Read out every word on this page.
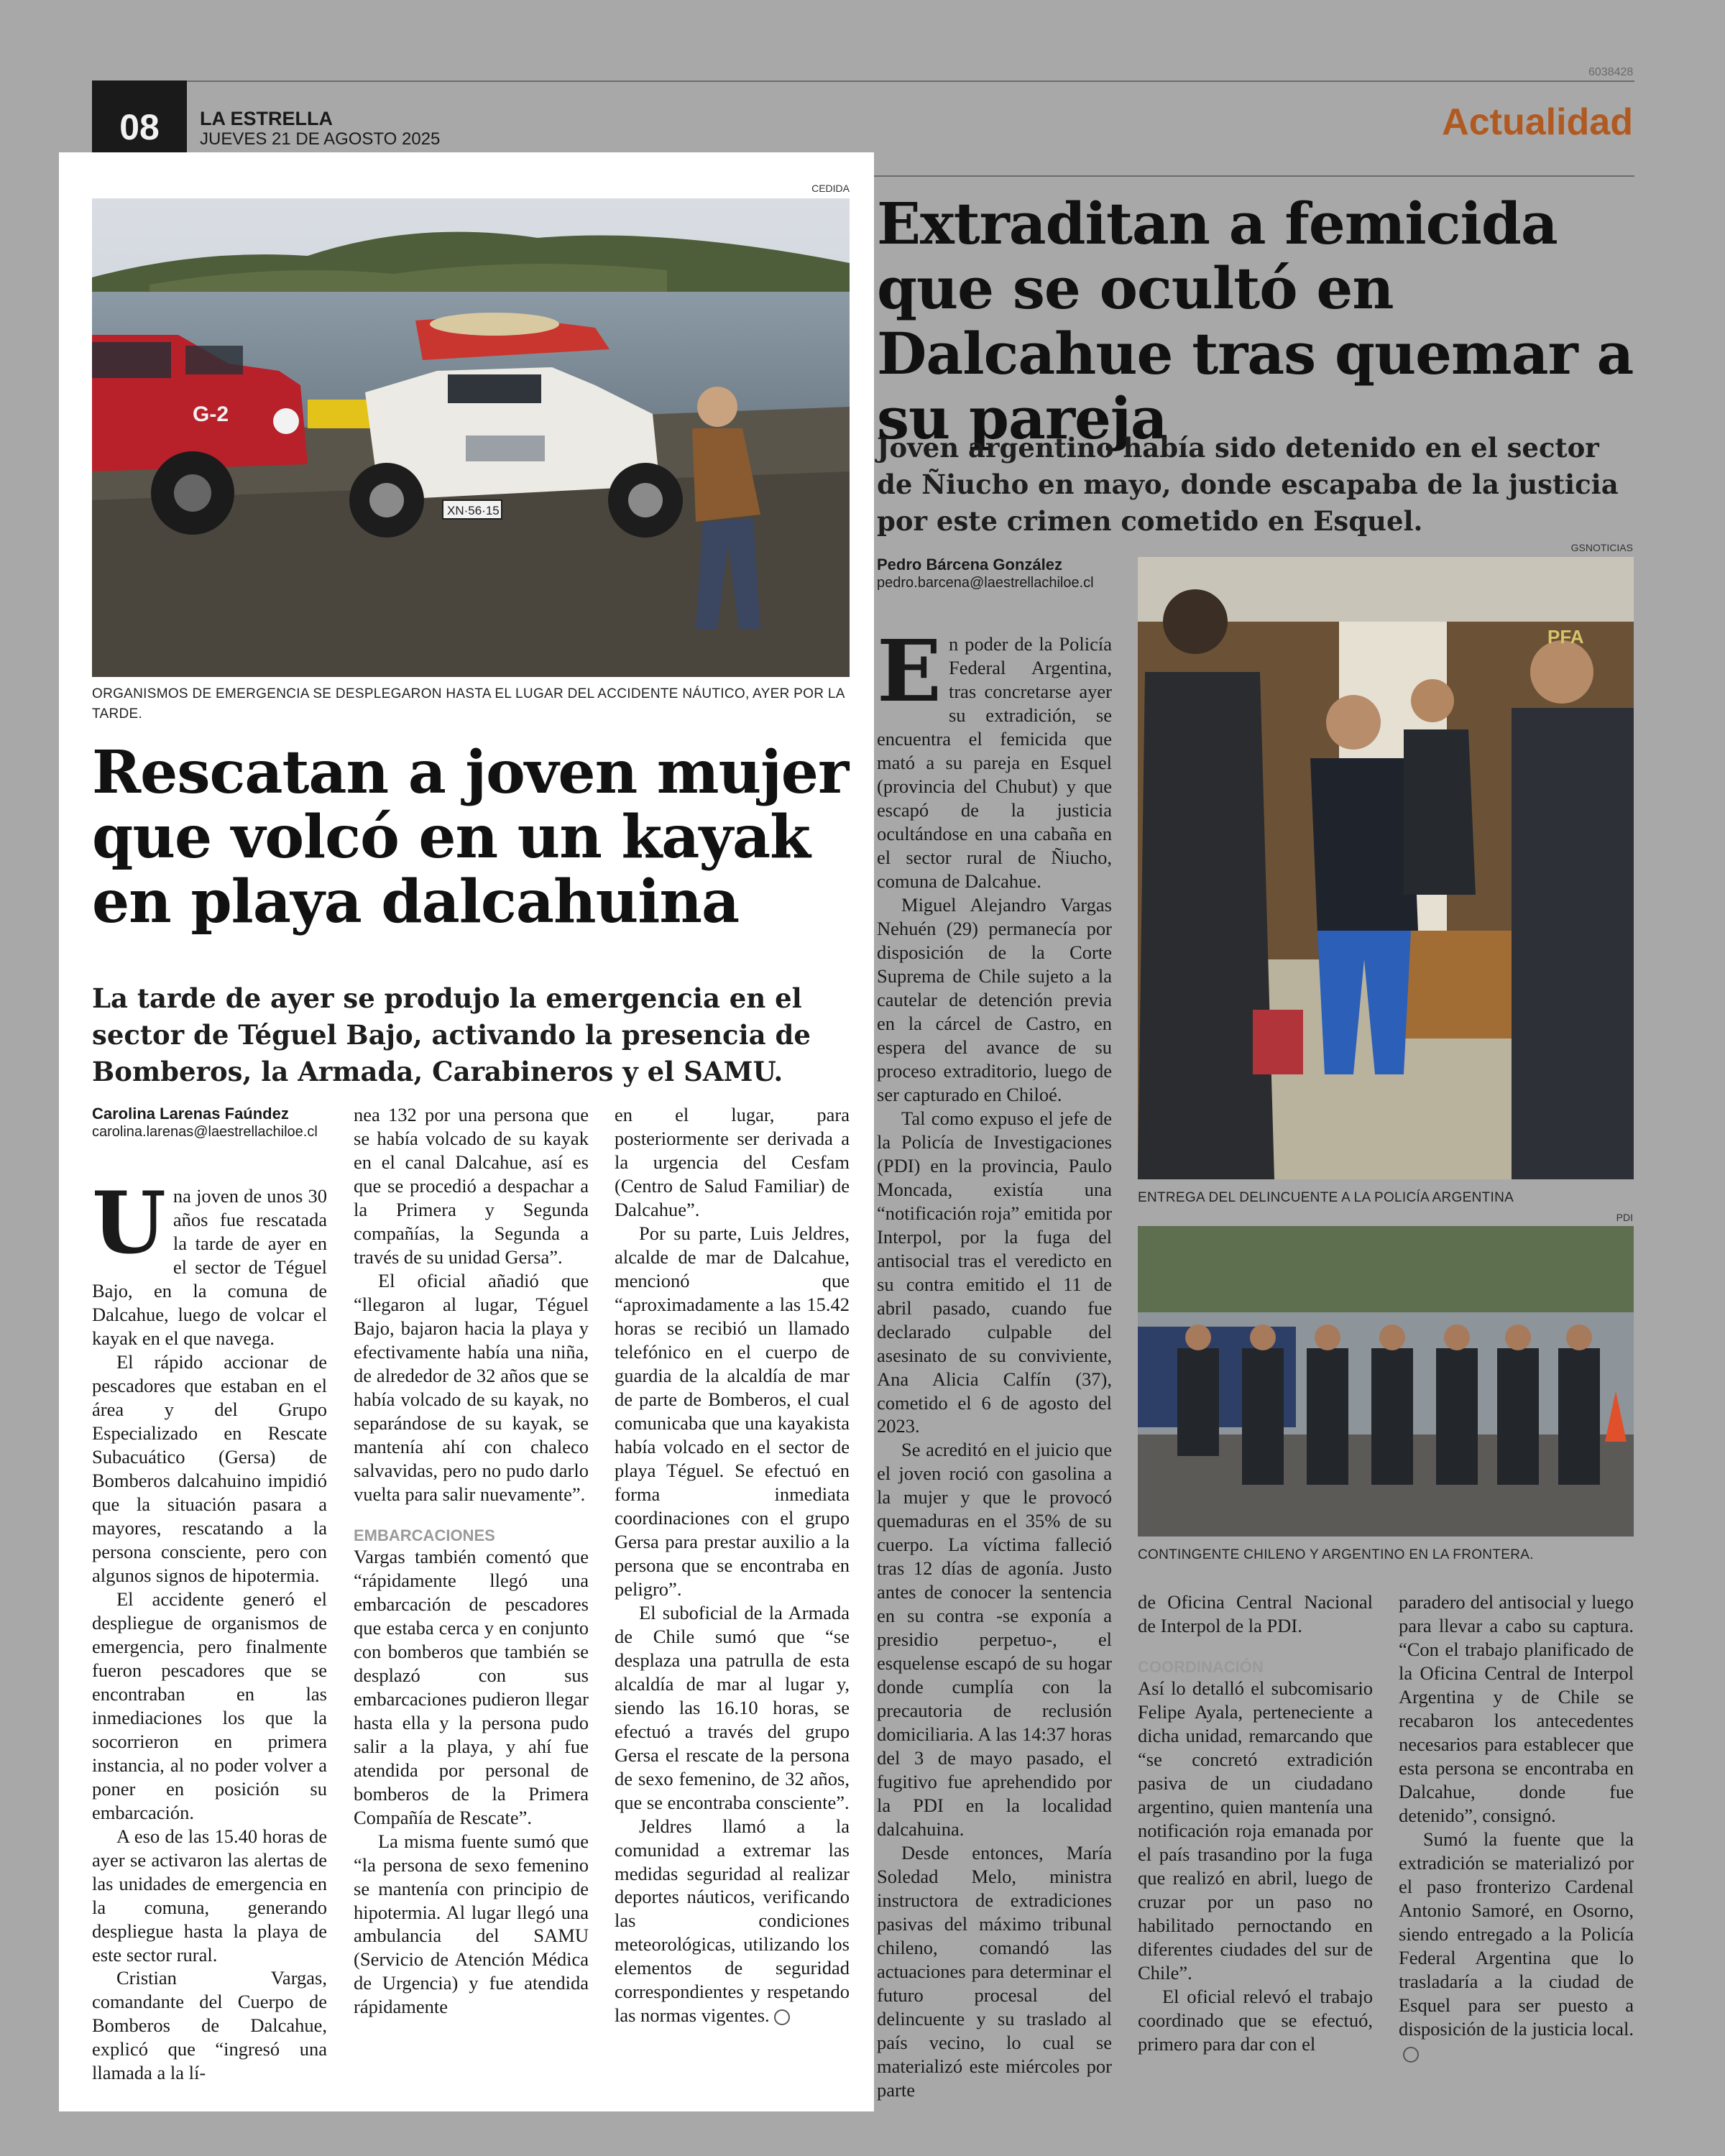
6038428
08	LA ESTRELLA
JUEVES 21 DE AGOSTO 2025	Actualidad
CEDIDA
G-2
XN·56·15
ORGANISMOS DE EMERGENCIA SE DESPLEGARON HASTA EL LUGAR DEL ACCIDENTE NÁUTICO, AYER POR LA TARDE.
Rescatan a joven mujer que volcó en un kayak en playa dalcahuina
La tarde de ayer se produjo la emergencia en el sector de Téguel Bajo, activando la presencia de Bomberos, la Armada, Carabineros y el SAMU.
Carolina Larenas Faúndez
carolina.larenas@laestrellachiloe.cl

Una joven de unos 30 años fue rescatada la tarde de ayer en el sector de Téguel Bajo, en la comuna de Dalcahue, luego de volcar el kayak en el que navega.

El rápido accionar de pescadores que estaban en el área y del Grupo Especializado en Rescate Subacuático (Gersa) de Bomberos dalcahuino impidió que la situación pasara a mayores, rescatando a la persona consciente, pero con algunos signos de hipotermia.

El accidente generó el despliegue de organismos de emergencia, pero finalmente fueron pescadores que se encontraban en las inmediaciones los que la socorrieron en primera instancia, al no poder volver a poner en posición su embarcación.

A eso de las 15.40 horas de ayer se activaron las alertas de las unidades de emergencia en la comuna, generando despliegue hasta la playa de este sector rural.

Cristian Vargas, comandante del Cuerpo de Bomberos de Dalcahue, explicó que “ingresó una llamada a la lí-

nea 132 por una persona que se había volcado de su kayak en el canal Dalcahue, así es que se procedió a despachar a la Primera y Segunda compañías, la Segunda a través de su unidad Gersa”.

El oficial añadió que “llegaron al lugar, Téguel Bajo, bajaron hacia la playa y efectivamente había una niña, de alrededor de 32 años que se había volcado de su kayak, no separándose de su kayak, se mantenía ahí con chaleco salvavidas, pero no pudo darlo vuelta para salir nuevamente”.

EMBARCACIONES

Vargas también comentó que “rápidamente llegó una embarcación de pescadores que estaba cerca y en conjunto con bomberos que también se desplazó con sus embarcaciones pudieron llegar hasta ella y la persona pudo salir a la playa, y ahí fue atendida por personal de bomberos de la Primera Compañía de Rescate”.

La misma fuente sumó que “la persona de sexo femenino se mantenía con principio de hipotermia. Al lugar llegó una ambulancia del SAMU (Servicio de Atención Médica de Urgencia) y fue atendida rápidamente

en el lugar, para posteriormente ser derivada a la urgencia del Cesfam (Centro de Salud Familiar) de Dalcahue”.

Por su parte, Luis Jeldres, alcalde de mar de Dalcahue, mencionó que “aproximadamente a las 15.42 horas se recibió un llamado telefónico en el cuerpo de guardia de la alcaldía de mar de parte de Bomberos, el cual comunicaba que una kayakista había volcado en el sector de playa Téguel. Se efectuó en forma inmediata coordinaciones con el grupo Gersa para prestar auxilio a la persona que se encontraba en peligro”.

El suboficial de la Armada de Chile sumó que “se desplaza una patrulla de esta alcaldía de mar al lugar y, siendo las 16.10 horas, se efectuó a través del grupo Gersa el rescate de la persona de sexo femenino, de 32 años, que se encontraba consciente”.

Jeldres llamó a la comunidad a extremar las medidas seguridad al realizar deportes náuticos, verificando las condiciones meteorológicas, utilizando los elementos de seguridad correspondientes y respetando las normas vigentes.

Extraditan a femicida que se ocultó en Dalcahue tras quemar a su pareja
Joven argentino había sido detenido en el sector de Ñiucho en mayo, donde escapaba de la justicia por este crimen cometido en Esquel.
Pedro Bárcena González
pedro.barcena@laestrellachiloe.cl
GSNOTICIAS
PFA
ENTREGA DEL DELINCUENTE A LA POLICÍA ARGENTINA
PDI
CONTINGENTE CHILENO Y ARGENTINO EN LA FRONTERA.

En poder de la Policía Federal Argentina, tras concretarse ayer su extradición, se encuentra el femicida que mató a su pareja en Esquel (provincia del Chubut) y que escapó de la justicia ocultándose en una cabaña en el sector rural de Ñiucho, comuna de Dalcahue.

Miguel Alejandro Vargas Nehuén (29) permanecía por disposición de la Corte Suprema de Chile sujeto a la cautelar de detención previa en la cárcel de Castro, en espera del avance de su proceso extraditorio, luego de ser capturado en Chiloé.

Tal como expuso el jefe de la Policía de Investigaciones (PDI) en la provincia, Paulo Moncada, existía una “notificación roja” emitida por Interpol, por la fuga del antisocial tras el veredicto en su contra emitido el 11 de abril pasado, cuando fue declarado culpable del asesinato de su conviviente, Ana Alicia Calfín (37), cometido el 6 de agosto del 2023.

Se acreditó en el juicio que el joven roció con gasolina a la mujer y que le provocó quemaduras en el 35% de su cuerpo. La víctima falleció tras 12 días de agonía. Justo antes de conocer la sentencia en su contra -se exponía a presidio perpetuo-, el esquelense escapó de su hogar donde cumplía con la precautoria de reclusión domiciliaria. A las 14:37 horas del 3 de mayo pasado, el fugitivo fue aprehendido por la PDI en la localidad dalcahuina.

Desde entonces, María Soledad Melo, ministra instructora de extradiciones pasivas del máximo tribunal chileno, comandó las actuaciones para determinar el futuro procesal del delincuente y su traslado al país vecino, lo cual se materializó este miércoles por parte

de Oficina Central Nacional de Interpol de la PDI.

COORDINACIÓN

Así lo detalló el subcomisario Felipe Ayala, perteneciente a dicha unidad, remarcando que “se concretó extradición pasiva de un ciudadano argentino, quien mantenía una notificación roja emanada por el país trasandino por la fuga que realizó en abril, luego de cruzar por un paso no habilitado pernoctando en diferentes ciudades del sur de Chile”.

El oficial relevó el trabajo coordinado que se efectuó, primero para dar con el

paradero del antisocial y luego para llevar a cabo su captura. “Con el trabajo planificado de la Oficina Central de Interpol Argentina y de Chile se recabaron los antecedentes necesarios para establecer que esta persona se encontraba en Dalcahue, donde fue detenido”, consignó.

Sumó la fuente que la extradición se materializó por el paso fronterizo Cardenal Antonio Samoré, en Osorno, siendo entregado a la Policía Federal Argentina que lo trasladaría a la ciudad de Esquel para ser puesto a disposición de la justicia local.
